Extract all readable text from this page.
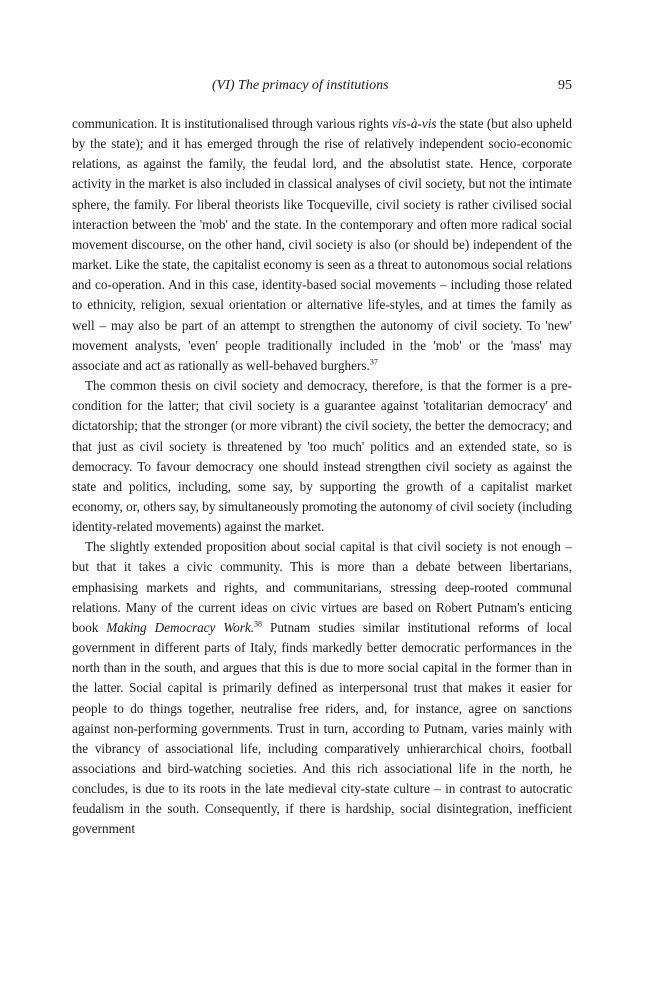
(VI) The primacy of institutions	95

communication. It is institutionalised through various rights vis-à-vis the state (but also upheld by the state); and it has emerged through the rise of relatively independent socio-economic relations, as against the family, the feudal lord, and the absolutist state. Hence, corporate activity in the market is also included in classical analyses of civil society, but not the intimate sphere, the family. For liberal theorists like Tocqueville, civil society is rather civilised social interaction between the 'mob' and the state. In the contemporary and often more radical social movement discourse, on the other hand, civil society is also (or should be) independent of the market. Like the state, the capitalist economy is seen as a threat to autonomous social relations and co-operation. And in this case, identity-based social movements – including those related to ethnicity, religion, sexual orientation or alternative life-styles, and at times the family as well – may also be part of an attempt to strengthen the autonomy of civil society. To 'new' movement analysts, 'even' people traditionally included in the 'mob' or the 'mass' may associate and act as rationally as well-behaved burghers.$^{37}$

The common thesis on civil society and democracy, therefore, is that the former is a pre-condition for the latter; that civil society is a guarantee against 'totalitarian democracy' and dictatorship; that the stronger (or more vibrant) the civil society, the better the democracy; and that just as civil society is threatened by 'too much' politics and an extended state, so is democracy. To favour democracy one should instead strengthen civil society as against the state and politics, including, some say, by supporting the growth of a capitalist market economy, or, others say, by simultaneously promoting the autonomy of civil society (including identity-related movements) against the market.

The slightly extended proposition about social capital is that civil society is not enough – but that it takes a civic community. This is more than a debate between libertarians, emphasising markets and rights, and communitarians, stressing deep-rooted communal relations. Many of the current ideas on civic virtues are based on Robert Putnam's enticing book Making Democracy Work.$^{38}$ Putnam studies similar institutional reforms of local government in different parts of Italy, finds markedly better democratic performances in the north than in the south, and argues that this is due to more social capital in the former than in the latter. Social capital is primarily defined as interpersonal trust that makes it easier for people to do things together, neutralise free riders, and, for instance, agree on sanctions against non-performing governments. Trust in turn, according to Putnam, varies mainly with the vibrancy of associational life, including comparatively unhierarchical choirs, football associations and bird-watching societies. And this rich associational life in the north, he concludes, is due to its roots in the late medieval city-state culture – in contrast to autocratic feudalism in the south. Consequently, if there is hardship, social disintegration, inefficient government
